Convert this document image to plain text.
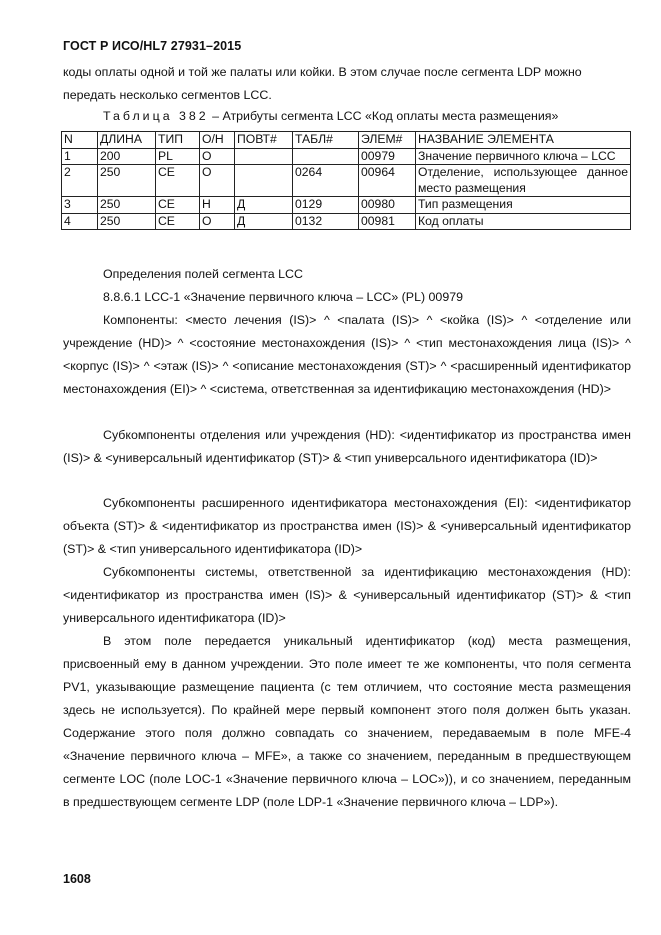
ГОСТ Р ИСО/HL7 27931–2015

коды оплаты одной и той же палаты или койки. В этом случае после сегмента LDP можно

передать несколько сегментов LCC.

Таблица 382 – Атрибуты сегмента LCC «Код оплаты места размещения»
N	ДЛИНА	ТИП	О/Н	ПОВТ#	ТАБЛ#	ЭЛЕМ#	НАЗВАНИЕ ЭЛЕМЕНТА
1	200	PL	О			00979	Значение первичного ключа – LCC
2	250	CE	О		0264	00964	Отделение, использующее данное место размещения
3	250	CE	Н	Д	0129	00980	Тип размещения
4	250	CE	О	Д	0132	00981	Код оплаты

Определения полей сегмента LCC

8.8.6.1 LCC-1 «Значение первичного ключа – LCC» (PL) 00979

Компоненты: <место лечения (IS)> ^ <палата (IS)> ^ <койка (IS)> ^ <отделение или учреждение (HD)> ^ <состояние местонахождения (IS)> ^ <тип местонахождения лица (IS)> ^ <корпус (IS)> ^ <этаж (IS)> ^ <описание местонахождения (ST)> ^ <расширенный идентификатор местонахождения (EI)> ^ <система, ответственная за идентификацию местонахождения (HD)>

Субкомпоненты отделения или учреждения (HD): <идентификатор из пространства имен (IS)> & <универсальный идентификатор (ST)> & <тип универсального идентификатора (ID)>

Субкомпоненты расширенного идентификатора местонахождения (EI): <идентификатор объекта (ST)> & <идентификатор из пространства имен (IS)> & <универсальный идентификатор (ST)> & <тип универсального идентификатора (ID)>

Субкомпоненты системы, ответственной за идентификацию местонахождения (HD): <идентификатор из пространства имен (IS)> & <универсальный идентификатор (ST)> & <тип универсального идентификатора (ID)>

В этом поле передается уникальный идентификатор (код) места размещения, присвоенный ему в данном учреждении. Это поле имеет те же компоненты, что поля сегмента PV1, указывающие размещение пациента (с тем отличием, что состояние места размещения здесь не используется). По крайней мере первый компонент этого поля должен быть указан. Содержание этого поля должно совпадать со значением, передаваемым в поле MFE-4 «Значение первичного ключа – MFE», а также со значением, переданным в предшествующем сегменте LOC (поле LOC-1 «Значение первичного ключа – LOC»)), и со значением, переданным в предшествующем сегменте LDP (поле LDP-1 «Значение первичного ключа – LDP»).

1608
